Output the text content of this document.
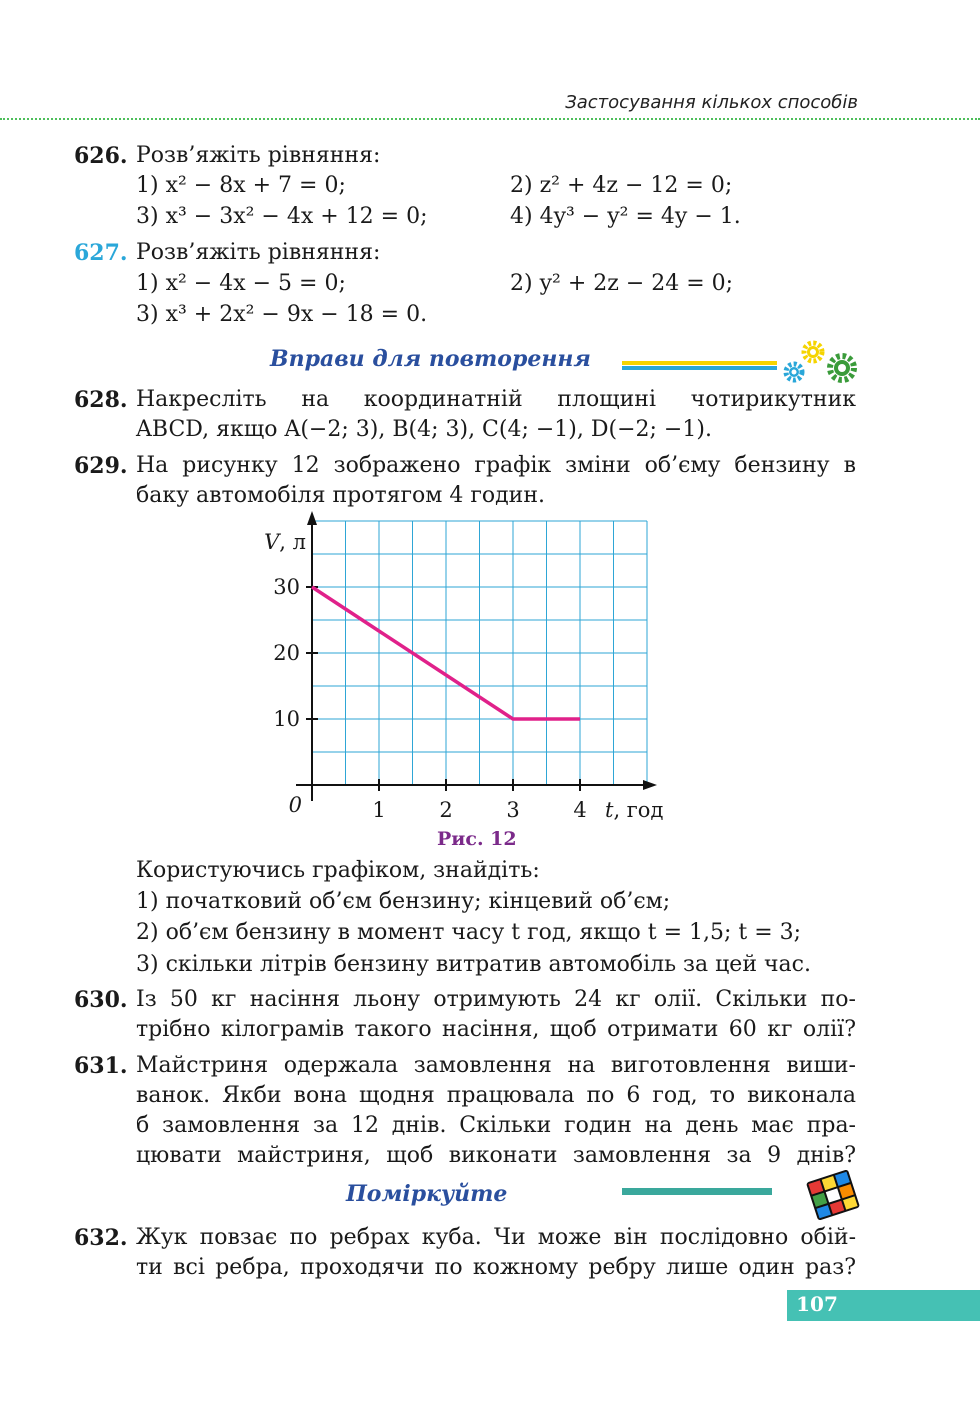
Застосування кількох способів
626. Розв’яжіть рівняння:
1) x² − 8x + 7 = 0;	2) z² + 4z − 12 = 0;
3) x³ − 3x² − 4x + 12 = 0;	4) 4y³ − y² = 4y − 1.
627. Розв’яжіть рівняння:
1) x² − 4x − 5 = 0;	2) y² + 2z − 24 = 0;
3) x³ + 2x² − 9x − 18 = 0.
Вправи для повторення
628. Накресліть на координатній площині чотирикутник
ABCD, якщо A(−2; 3), B(4; 3), C(4; −1), D(−2; −1).
629. На рисунку 12 зображено графік зміни об’єму бензину в
баку автомобіля протягом 4 годин.
1	2	3	4
10
20
30
0	t, год
V, л
Рис. 12
Користуючись графіком, знайдіть:
1) початковий об’єм бензину; кінцевий об’єм;
2) об’єм бензину в момент часу t год, якщо t = 1,5; t = 3;
3) скільки літрів бензину витратив автомобіль за цей час.
630. Із 50 кг насіння льону отримують 24 кг олії. Скільки по-
трібно кілограмів такого насіння, щоб отримати 60 кг олії?
631. Майстриня одержала замовлення на виготовлення виши-
ванок. Якби вона щодня працювала по 6 год, то виконала
б замовлення за 12 днів. Скільки годин на день має пра-
цювати майстриня, щоб виконати замовлення за 9 днів?
Поміркуйте
632. Жук повзає по ребрах куба. Чи може він послідовно обій-
ти всі ребра, проходячи по кожному ребру лише один раз?
107
